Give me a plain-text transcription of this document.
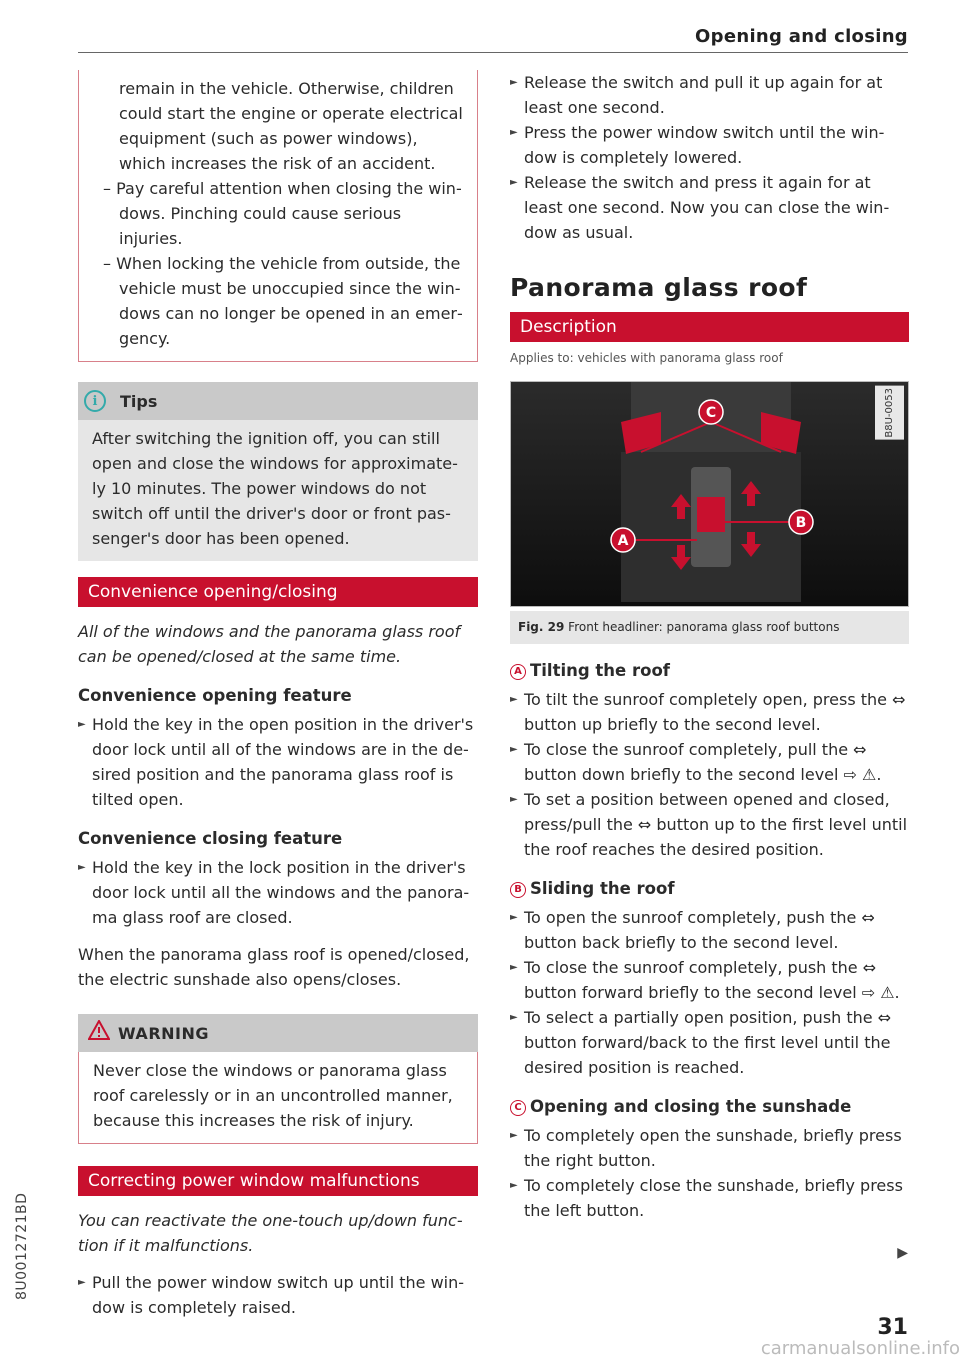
Opening and closing

remain in the vehicle. Otherwise, children could start the engine or operate electrical equipment (such as power windows), which increases the risk of an accident.

– Pay careful attention when closing the windows. Pinching could cause serious injuries.

– When locking the vehicle from outside, the vehicle must be unoccupied since the windows can no longer be opened in an emergency.

i	Tips

After switching the ignition off, you can still open and close the windows for approximately 10 minutes. The power windows do not switch off until the driver's door or front passenger's door has been opened.

Convenience opening/closing

All of the windows and the panorama glass roof can be opened/closed at the same time.

Convenience opening feature

► Hold the key in the open position in the driver's door lock until all of the windows are in the desired position and the panorama glass roof is tilted open.

Convenience closing feature

► Hold the key in the lock position in the driver's door lock until all the windows and the panorama glass roof are closed.

When the panorama glass roof is opened/closed, the electric sunshade also opens/closes.

WARNING

Never close the windows or panorama glass roof carelessly or in an uncontrolled manner, because this increases the risk of injury.

Correcting power window malfunctions

You can reactivate the one-touch up/down function if it malfunctions.

► Pull the power window switch up until the window is completely raised.

► Release the switch and pull it up again for at least one second.

► Press the power window switch until the window is completely lowered.

► Release the switch and press it again for at least one second. Now you can close the window as usual.

Panorama glass roof

Description

Applies to: vehicles with panorama glass roof

A
B
C	B8U-0053
Fig. 29 Front headliner: panorama glass roof buttons

A Tilting the roof

► To tilt the sunroof completely open, press the ⇔ button up briefly to the second level.

► To close the sunroof completely, pull the ⇔ button down briefly to the second level ⇨ ⚠.

► To set a position between opened and closed, press/pull the ⇔ button up to the first level until the roof reaches the desired position.

B Sliding the roof

► To open the sunroof completely, push the ⇔ button back briefly to the second level.

► To close the sunroof completely, push the ⇔ button forward briefly to the second level ⇨ ⚠.

► To select a partially open position, push the ⇔ button forward/back to the first level until the desired position is reached.

C Opening and closing the sunshade

► To completely open the sunshade, briefly press the right button.

► To completely close the sunshade, briefly press the left button.

▶
8U0012721BD
31
carmanualsonline.info
